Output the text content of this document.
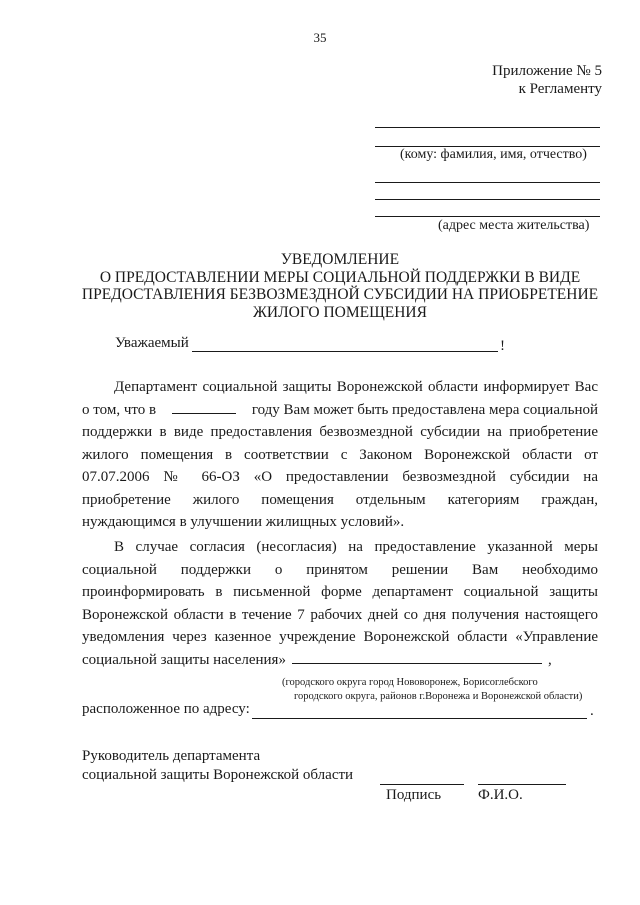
35
Приложение № 5
к Регламенту
(кому: фамилия, имя, отчество)
(адрес места жительства)
УВЕДОМЛЕНИЕ
О ПРЕДОСТАВЛЕНИИ МЕРЫ СОЦИАЛЬНОЙ ПОДДЕРЖКИ В ВИДЕ
ПРЕДОСТАВЛЕНИЯ БЕЗВОЗМЕЗДНОЙ СУБСИДИИ НА ПРИОБРЕТЕНИЕ
ЖИЛОГО ПОМЕЩЕНИЯ
Уважаемый	!
Департамент социальной защиты Воронежской области информирует Вас
о том, что в	году Вам может быть предоставлена мера социальной
поддержки в виде предоставления безвозмездной субсидии на приобретение
жилого помещения в соответствии с Законом Воронежской области от
07.07.2006 № 66-ОЗ «О предоставлении безвозмездной субсидии на
приобретение жилого помещения отдельным категориям граждан,
нуждающимся в улучшении жилищных условий».
В случае согласия (несогласия) на предоставление указанной меры
социальной поддержки о принятом решении Вам необходимо
проинформировать в письменной форме департамент социальной защиты
Воронежской области в течение 7 рабочих дней со дня получения настоящего
уведомления через казенное учреждение Воронежской области «Управление
социальной защиты населения»	,
(городского округа город Нововоронеж, Борисоглебского
городского округа, районов г.Воронежа и Воронежской области)
расположенное по адресу:	.
Руководитель департамента
социальной защиты Воронежской области
Подпись Ф.И.О.
